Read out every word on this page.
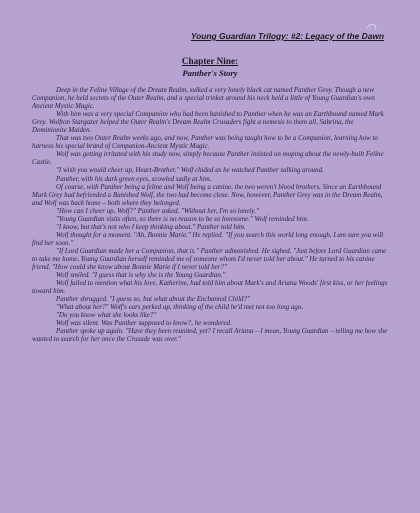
Young Guardian Trilogy: #2: Legacy of the Dawn
Chapter Nine:
Panther's Story

Deep in the Feline Village of the Dream Realm, sulked a very lonely black cat named Panther Grey. Though a new Companion, he held secrets of the Outer Realm, and a special trinket around his neck held a little of Young Guardian's own Ancient Mystic Magic.

With him was a very special Companion who had been banished to Panther when he was an Earthbound named Mark Grey. Wolfton Stargazer helped the Outer Realm's Dream Realm Crusaders fight a nemesis to them all, Sabrina, the Dominionite Maiden.

That was two Outer Realm weeks ago, and now, Panther was being taught how to be a Companion, learning how to harness his special brand of Companion-Ancient Mystic Magic.

Wolf was getting irritated with his study now, simply because Panther insisted on moping about the newly-built Feline Castle.

"I wish you would cheer up, Heart-Brother." Wolf chided as he watched Panther sulking around.

Panther, with his dark green eyes, scowled sadly at him.

Of course, with Panther being a feline and Wolf being a canine, the two weren't blood brothers. Since an Earthbound Mark Grey had befriended a Banished Wolf, the two had become close. Now, however, Panther Grey was in the Dream Realm, and Wolf was back home – both where they belonged.

"How can I cheer up, Wolf?" Panther asked. "Without her, I'm so lonely."

"Young Guardian visits often, so there is no reason to be so lonesome." Wolf reminded him.

"I know, but that's not who I keep thinking about." Panther told him.

Wolf thought for a moment. "Ah, Bonnie Marie." He replied. "If you search this world long enough, I am sure you will find her soon."

"If Lord Guardian made her a Companion, that is." Panther admonished. He sighed. "Just before Lord Guardian came to take me home, Young Guardian herself reminded me of someone whom I'd never told her about." He turned to his canine friend. "How could she know about Bonnie Marie if I never told her?"

Wolf smiled. "I guess that is why she is the Young Guardian."

Wolf failed to mention what his love, Katherine, had told him about Mark's and Ariana Woods' first kiss, or her feelings toward him.

Panther shrugged. "I guess so, but what about the Enchanted Child?"

"What about her?" Wolf's ears perked up, thinking of the child he'd met not too long ago.

"Do you know what she looks like?"

Wolf was silent. Was Panther supposed to know?, he wondered.

Panther spoke up again. "Have they been reunited, yet? I recall Ariana – I mean, Young Guardian – telling me how she wanted to search for her once the Crusade was over."
